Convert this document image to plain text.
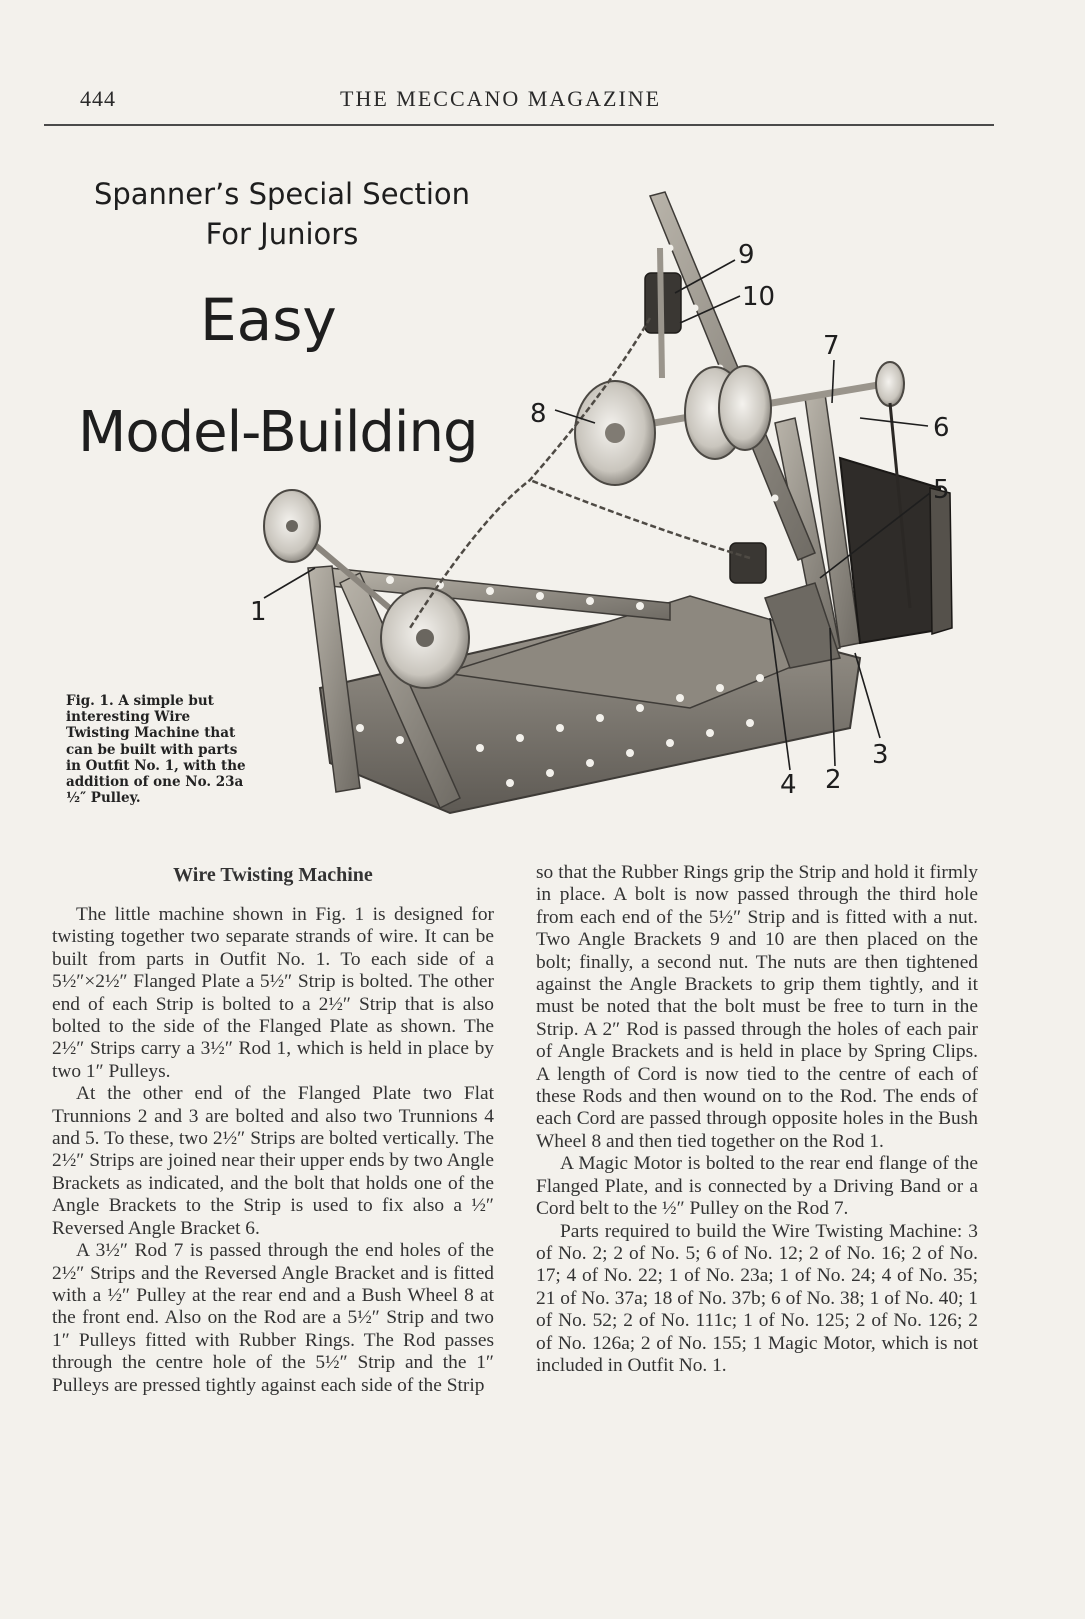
444	THE MECCANO MAGAZINE
Spanner’s Special Section
For Juniors
Easy
Model-Building
9
10
7
8	6
5
1
4 2
3
Fig. 1. A simple but interesting Wire Twisting Machine that can be built with parts in Outfit No. 1, with the addition of one No. 23a ½″ Pulley.
Wire Twisting Machine

The little machine shown in Fig. 1 is designed for twisting together two separate strands of wire. It can be built from parts in Outfit No. 1. To each side of a 5½″×2½″ Flanged Plate a 5½″ Strip is bolted. The other end of each Strip is bolted to a 2½″ Strip that is also bolted to the side of the Flanged Plate as shown. The 2½″ Strips carry a 3½″ Rod 1, which is held in place by two 1″ Pulleys.

At the other end of the Flanged Plate two Flat Trunnions 2 and 3 are bolted and also two Trunnions 4 and 5. To these, two 2½″ Strips are bolted vertically. The 2½″ Strips are joined near their upper ends by two Angle Brackets as indicated, and the bolt that holds one of the Angle Brackets to the Strip is used to fix also a ½″ Reversed Angle Bracket 6.

A 3½″ Rod 7 is passed through the end holes of the 2½″ Strips and the Reversed Angle Bracket and is fitted with a ½″ Pulley at the rear end and a Bush Wheel 8 at the front end. Also on the Rod are a 5½″ Strip and two 1″ Pulleys fitted with Rubber Rings. The Rod passes through the centre hole of the 5½″ Strip and the 1″ Pulleys are pressed tightly against each side of the Strip

so that the Rubber Rings grip the Strip and hold it firmly in place. A bolt is now passed through the third hole from each end of the 5½″ Strip and is fitted with a nut. Two Angle Brackets 9 and 10 are then placed on the bolt; finally, a second nut. The nuts are then tightened against the Angle Brackets to grip them tightly, and it must be noted that the bolt must be free to turn in the Strip. A 2″ Rod is passed through the holes of each pair of Angle Brackets and is held in place by Spring Clips. A length of Cord is now tied to the centre of each of these Rods and then wound on to the Rod. The ends of each Cord are passed through opposite holes in the Bush Wheel 8 and then tied together on the Rod 1.

A Magic Motor is bolted to the rear end flange of the Flanged Plate, and is connected by a Driving Band or a Cord belt to the ½″ Pulley on the Rod 7.

Parts required to build the Wire Twisting Machine: 3 of No. 2; 2 of No. 5; 6 of No. 12; 2 of No. 16; 2 of No. 17; 4 of No. 22; 1 of No. 23a; 1 of No. 24; 4 of No. 35; 21 of No. 37a; 18 of No. 37b; 6 of No. 38; 1 of No. 40; 1 of No. 52; 2 of No. 111c; 1 of No. 125; 2 of No. 126; 2 of No. 126a; 2 of No. 155; 1 Magic Motor, which is not included in Outfit No. 1.
